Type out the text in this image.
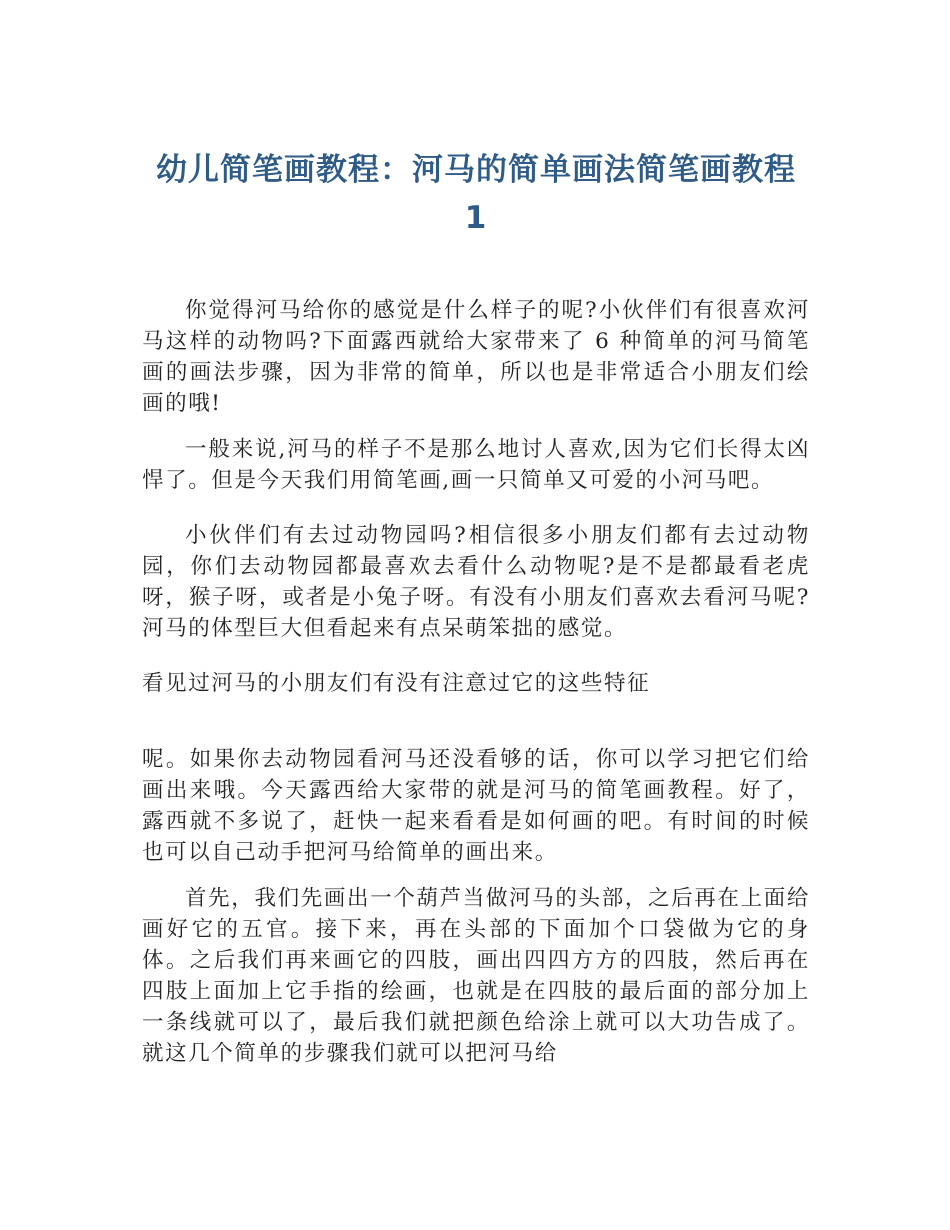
幼儿简笔画教程：河马的简单画法简笔画教程 1

你觉得河马给你的感觉是什么样子的呢?小伙伴们有很喜欢河马这样的动物吗?下面露西就给大家带来了 6 种简单的河马简笔画的画法步骤，因为非常的简单，所以也是非常适合小朋友们绘画的哦!

一般来说,河马的样子不是那么地讨人喜欢,因为它们长得太凶悍了。但是今天我们用简笔画,画一只简单又可爱的小河马吧。

小伙伴们有去过动物园吗?相信很多小朋友们都有去过动物园，你们去动物园都最喜欢去看什么动物呢?是不是都最看老虎呀，猴子呀，或者是小兔子呀。有没有小朋友们喜欢去看河马呢?河马的体型巨大但看起来有点呆萌笨拙的感觉。

看见过河马的小朋友们有没有注意过它的这些特征

呢。如果你去动物园看河马还没看够的话，你可以学习把它们给画出来哦。今天露西给大家带的就是河马的简笔画教程。好了，露西就不多说了，赶快一起来看看是如何画的吧。有时间的时候也可以自己动手把河马给简单的画出来。

首先，我们先画出一个葫芦当做河马的头部，之后再在上面给画好它的五官。接下来，再在头部的下面加个口袋做为它的身体。之后我们再来画它的四肢，画出四四方方的四肢，然后再在四肢上面加上它手指的绘画，也就是在四肢的最后面的部分加上一条线就可以了，最后我们就把颜色给涂上就可以大功告成了。就这几个简单的步骤我们就可以把河马给
